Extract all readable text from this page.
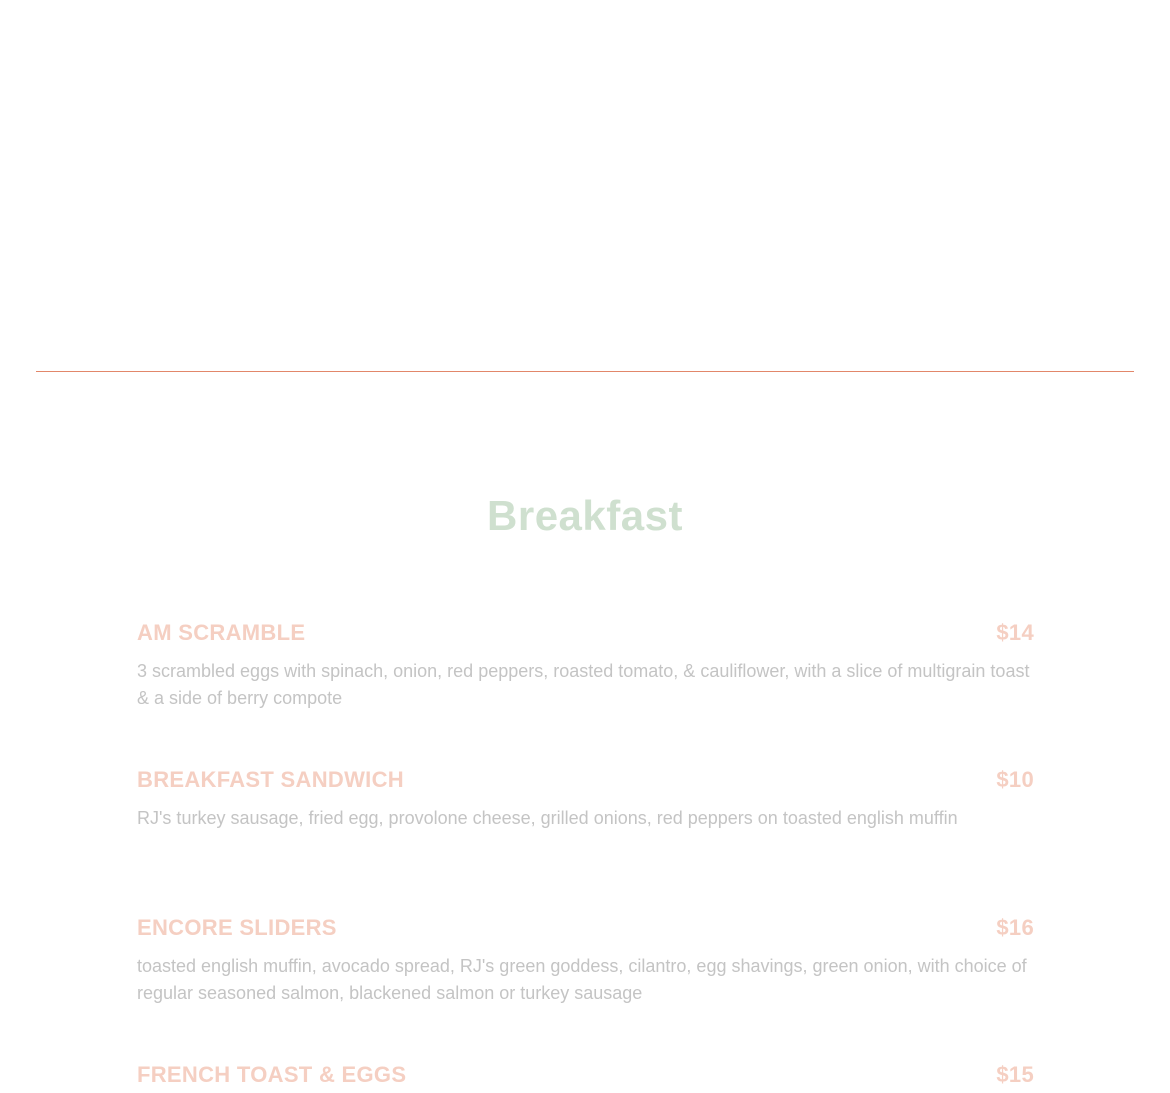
Breakfast
AM SCRAMBLE	$14
3 scrambled eggs with spinach, onion, red peppers, roasted tomato, & cauliflower, with a slice of multigrain toast & a side of berry compote
BREAKFAST SANDWICH	$10
RJ's turkey sausage, fried egg, provolone cheese, grilled onions, red peppers on toasted english muffin
ENCORE SLIDERS	$16
toasted english muffin, avocado spread, RJ's green goddess, cilantro, egg shavings, green onion, with choice of regular seasoned salmon, blackened salmon or turkey sausage
FRENCH TOAST & EGGS	$15
